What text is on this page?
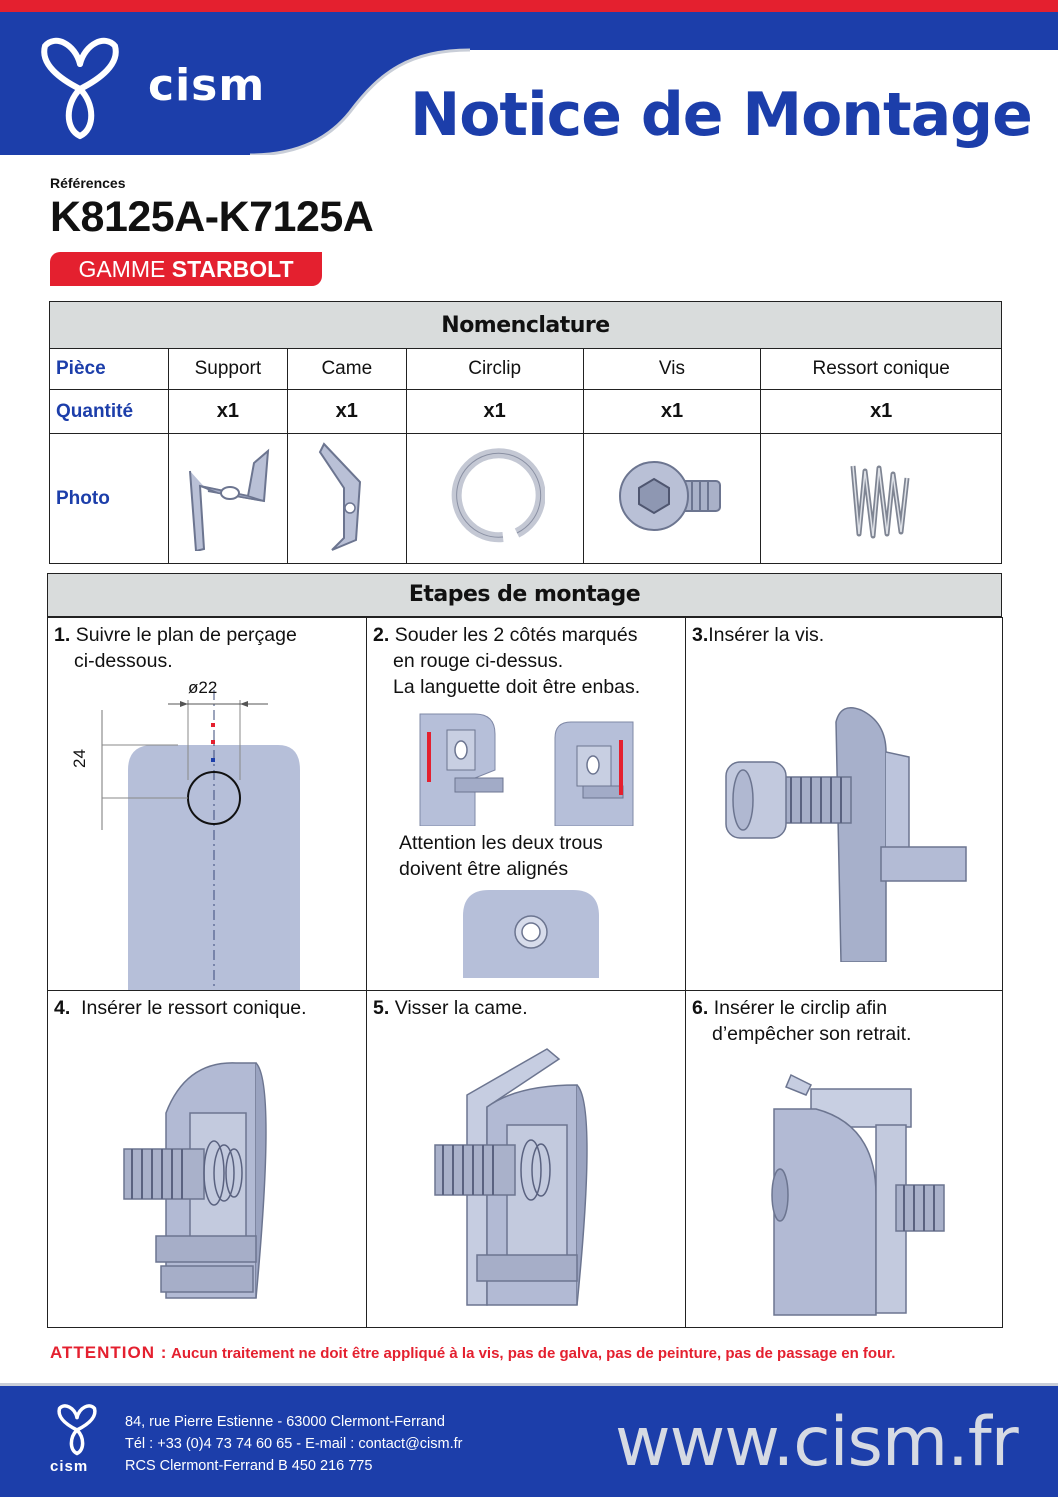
cism Notice de Montage
Références
K8125A-K7125A
GAMME STARBOLT
Nomenclature					
Pièce	Support	Came	Circlip	Vis	Ressort conique
Quantité	x1	x1	x1	x1	x1
Photo					
Etapes de montage
1. Suivre le plan de perçage
ci-dessous.
ø22
24
2. Souder les 2 côtés marqués
en rouge ci-dessus.
La languette doit être enbas.
Attention les deux trous
doivent être alignés
3.Insérer la vis.
4. Insérer le ressort conique.	5. Visser la came.	6. Insérer le circlip afin
d’empêcher son retrait.
ATTENTION : Aucun traitement ne doit être appliqué à la vis, pas de galva, pas de peinture, pas de passage en four.
cism
84, rue Pierre Estienne - 63000 Clermont-Ferrand
Tél : +33 (0)4 73 74 60 65 - E-mail : contact@cism.fr
RCS Clermont-Ferrand B 450 216 775	www.cism.fr
